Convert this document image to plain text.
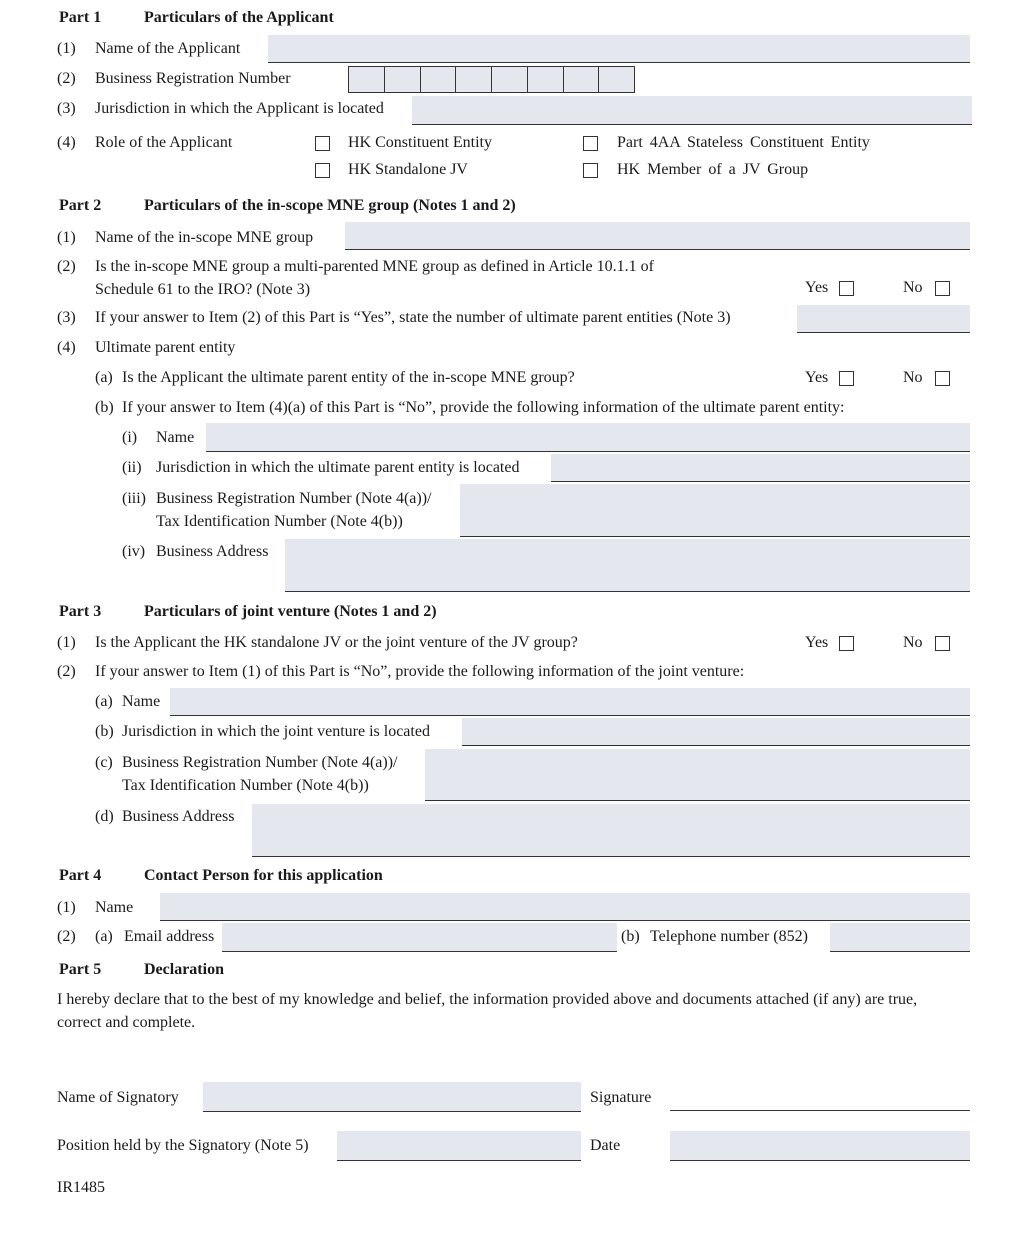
Part 1	Particulars of the Applicant
(1) Name of the Applicant
(2) Business Registration Number
(3) Jurisdiction in which the Applicant is located
(4) Role of the Applicant	HK Constituent Entity
HK Standalone JV
Part 4AA Stateless Constituent Entity
HK Member of a JV Group
Part 2	Particulars of the in-scope MNE group (Notes 1 and 2)
(1) Name of the in-scope MNE group
(2) Is the in-scope MNE group a multi-parented MNE group as defined in Article 10.1.1 of
Schedule 61 to the IRO? (Note 3)	Yes	No
(3) If your answer to Item (2) of this Part is “Yes”, state the number of ultimate parent entities (Note 3)
(4) Ultimate parent entity
(a) Is the Applicant the ultimate parent entity of the in-scope MNE group?	Yes	No
(b) If your answer to Item (4)(a) of this Part is “No”, provide the following information of the ultimate parent entity:
(i) Name
(ii) Jurisdiction in which the ultimate parent entity is located
(iii) Business Registration Number (Note 4(a))/
Tax Identification Number (Note 4(b))
(iv) Business Address
Part 3	Particulars of joint venture (Notes 1 and 2)
(1) Is the Applicant the HK standalone JV or the joint venture of the JV group?	Yes	No
(2) If your answer to Item (1) of this Part is “No”, provide the following information of the joint venture:
(a) Name
(b) Jurisdiction in which the joint venture is located
(c) Business Registration Number (Note 4(a))/
Tax Identification Number (Note 4(b))
(d) Business Address
Part 4	Contact Person for this application
(1) Name
(2) (a) Email address	(b) Telephone number (852)
Part 5	Declaration
I hereby declare that to the best of my knowledge and belief, the information provided above and documents attached (if any) are true, correct and complete.
Name of Signatory	Signature
Position held by the Signatory (Note 5)	Date
IR1485
